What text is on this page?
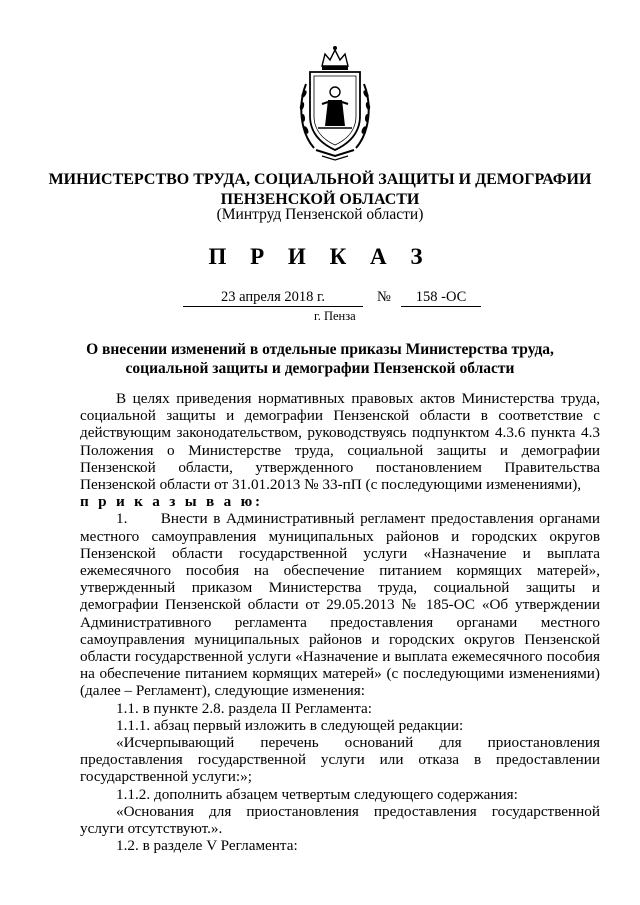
МИНИСТЕРСТВО ТРУДА, СОЦИАЛЬНОЙ ЗАЩИТЫ И ДЕМОГРАФИИ
ПЕНЗЕНСКОЙ ОБЛАСТИ
(Минтруд Пензенской области)
П Р И К А З
23 апреля 2018 г.	№	158 -ОС
г. Пенза
О внесении изменений в отдельные приказы Министерства труда,
социальной защиты и демографии Пензенской области

В целях приведения нормативных правовых актов Министерства труда, социальной защиты и демографии Пензенской области в соответствие с действующим законодательством, руководствуясь подпунктом 4.3.6 пункта 4.3 Положения о Министерстве труда, социальной защиты и демографии Пензенской области, утвержденного постановлением Правительства Пензенской области от 31.01.2013 № 33-пП (с последующими изменениями),

п р и к а з ы в а ю:

1. Внести в Административный регламент предоставления органами местного самоуправления муниципальных районов и городских округов Пензенской области государственной услуги «Назначение и выплата ежемесячного пособия на обеспечение питанием кормящих матерей», утвержденный приказом Министерства труда, социальной защиты и демографии Пензенской области от 29.05.2013 № 185-ОС «Об утверждении Административного регламента предоставления органами местного самоуправления муниципальных районов и городских округов Пензенской области государственной услуги «Назначение и выплата ежемесячного пособия на обеспечение питанием кормящих матерей» (с последующими изменениями) (далее – Регламент), следующие изменения:

1.1. в пункте 2.8. раздела II Регламента:

1.1.1. абзац первый изложить в следующей редакции:

«Исчерпывающий перечень оснований для приостановления предоставления государственной услуги или отказа в предоставлении государственной услуги:»;

1.1.2. дополнить абзацем четвертым следующего содержания:

«Основания для приостановления предоставления государственной услуги отсутствуют.».

1.2. в разделе V Регламента:
